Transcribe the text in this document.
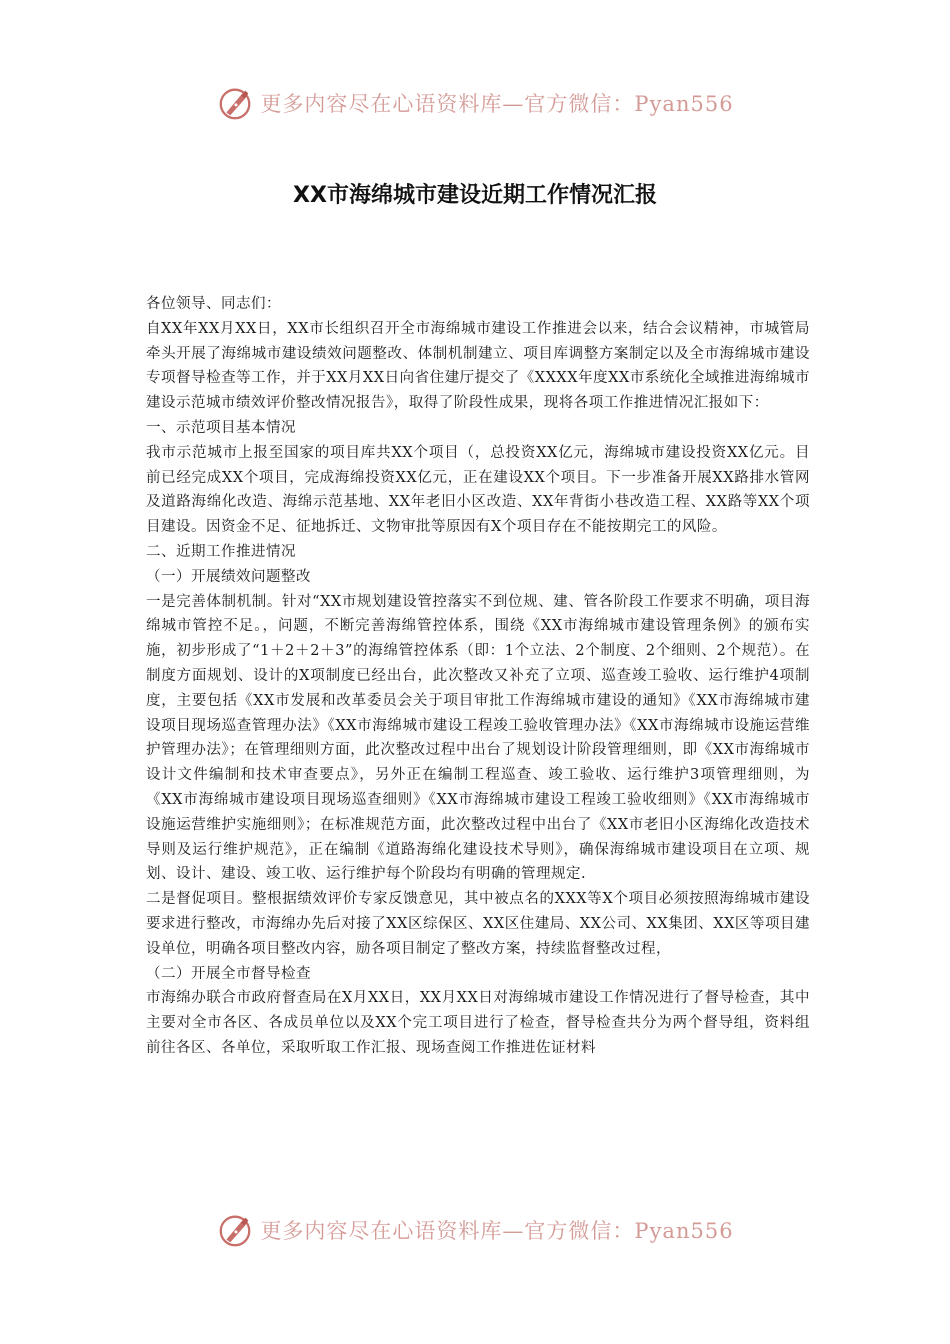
更多内容尽在心语资料库—官方微信：Pyan556
XX市海绵城市建设近期工作情况汇报

各位领导、同志们：

自XX年XX月XX日，XX市长组织召开全市海绵城市建设工作推进会以来，结合会议精神，市城管局牵头开展了海绵城市建设绩效问题整改、体制机制建立、项目库调整方案制定以及全市海绵城市建设专项督导检查等工作，并于XX月XX日向省住建厅提交了《XXXX年度XX市系统化全域推进海绵城市建设示范城市绩效评价整改情况报告》，取得了阶段性成果，现将各项工作推进情况汇报如下：

一、示范项目基本情况

我市示范城市上报至国家的项目库共XX个项目（，总投资XX亿元，海绵城市建设投资XX亿元。目前已经完成XX个项目，完成海绵投资XX亿元，正在建设XX个项目。下一步准备开展XX路排水管网及道路海绵化改造、海绵示范基地、XX年老旧小区改造、XX年背街小巷改造工程、XX路等XX个项目建设。因资金不足、征地拆迁、文物审批等原因有X个项目存在不能按期完工的风险。

二、近期工作推进情况

（一）开展绩效问题整改

一是完善体制机制。针对“XX市规划建设管控落实不到位规、建、管各阶段工作要求不明确，项目海绵城市管控不足。，问题，不断完善海绵管控体系，围绕《XX市海绵城市建设管理条例》的颁布实施，初步形成了“1＋2＋2＋3”的海绵管控体系（即：1个立法、2个制度、2个细则、2个规范）。在制度方面规划、设计的X项制度已经出台，此次整改又补充了立项、巡查竣工验收、运行维护4项制度，主要包括《XX市发展和改革委员会关于项目审批工作海绵城市建设的通知》《XX市海绵城市建设项目现场巡查管理办法》《XX市海绵城市建设工程竣工验收管理办法》《XX市海绵城市设施运营维护管理办法》；在管理细则方面，此次整改过程中出台了规划设计阶段管理细则，即《XX市海绵城市设计文件编制和技术审查要点》，另外正在编制工程巡查、竣工验收、运行维护3项管理细则，为《XX市海绵城市建设项目现场巡查细则》《XX市海绵城市建设工程竣工验收细则》《XX市海绵城市设施运营维护实施细则》；在标准规范方面，此次整改过程中出台了《XX市老旧小区海绵化改造技术导则及运行维护规范》，正在编制《道路海绵化建设技术导则》，确保海绵城市建设项目在立项、规划、设计、建设、竣工收、运行维护每个阶段均有明确的管理规定.

二是督促项目。整根据绩效评价专家反馈意见，其中被点名的XXX等X个项目必须按照海绵城市建设要求进行整改，市海绵办先后对接了XX区综保区、XX区住建局、XX公司、XX集团、XX区等项目建设单位，明确各项目整改内容，励各项目制定了整改方案，持续监督整改过程，

（二）开展全市督导检查

市海绵办联合市政府督查局在X月XX日，XX月XX日对海绵城市建设工作情况进行了督导检查，其中主要对全市各区、各成员单位以及XX个完工项目进行了检查，督导检查共分为两个督导组，资料组前往各区、各单位，采取听取工作汇报、现场查阅工作推进佐证材料

更多内容尽在心语资料库—官方微信：Pyan556
